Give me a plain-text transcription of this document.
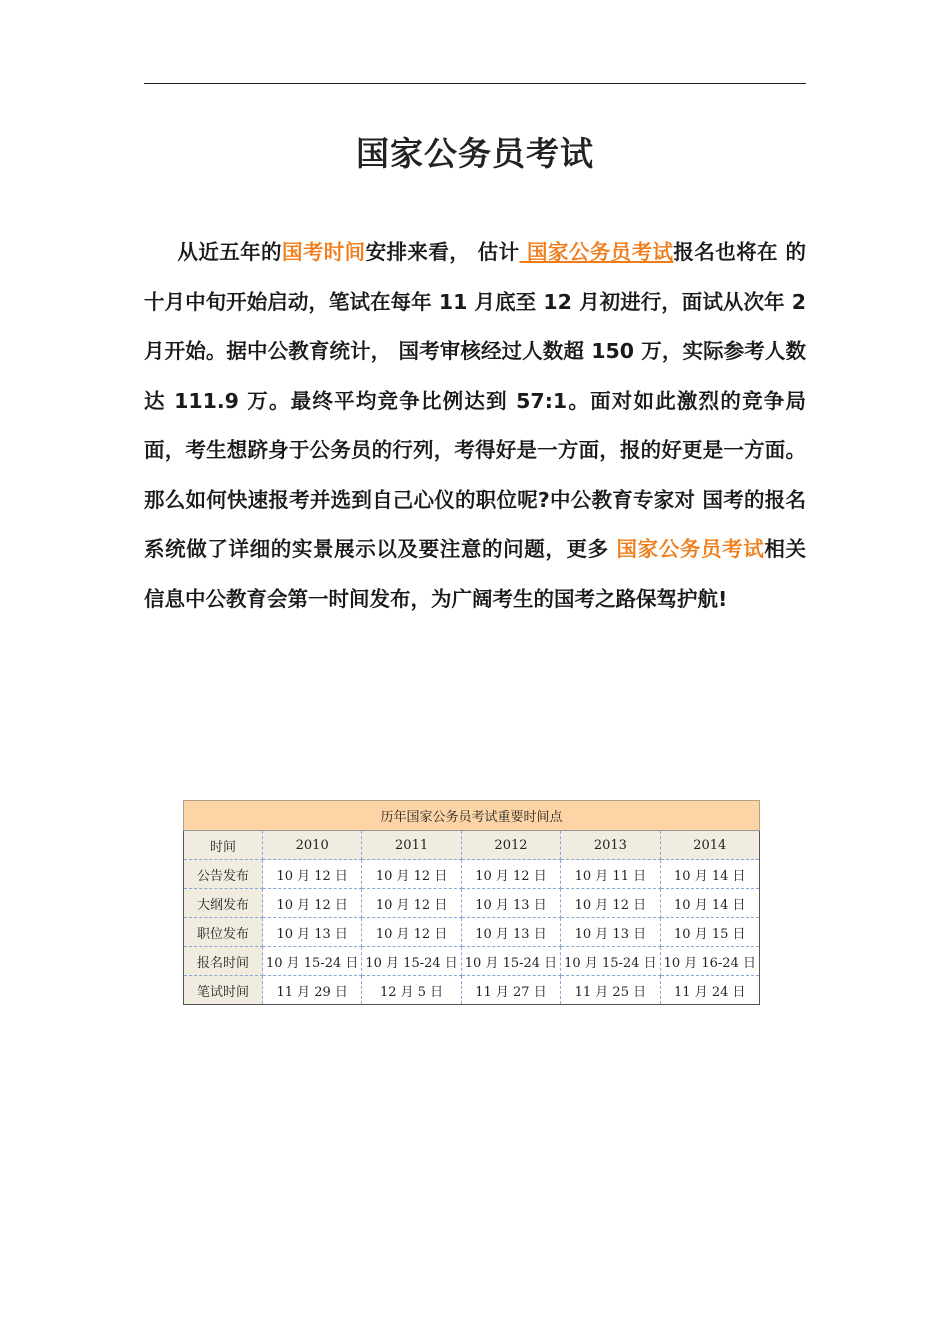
国家公务员考试
从近五年的国考时间安排来看， 估计 国家公务员考试报名也将在 的十月中旬开始启动，笔试在每年 11 月底至 12 月初进行，面试从次年 2 月开始。据中公教育统计， 国考审核经过人数超 150 万，实际参考人数达 111.9 万。最终平均竞争比例达到 57:1。面对如此激烈的竞争局面，考生想跻身于公务员的行列，考得好是一方面，报的好更是一方面。那么如何快速报考并选到自己心仪的职位呢?中公教育专家对 国考的报名系统做了详细的实景展示以及要注意的问题，更多 国家公务员考试相关信息中公教育会第一时间发布，为广阔考生的国考之路保驾护航!
历年国家公务员考试重要时间点					
时间	2010	2011	2012	2013	2014
公告发布	10 月 12 日	10 月 12 日	10 月 12 日	10 月 11 日	10 月 14 日
大纲发布	10 月 12 日	10 月 12 日	10 月 13 日	10 月 12 日	10 月 14 日
职位发布	10 月 13 日	10 月 12 日	10 月 13 日	10 月 13 日	10 月 15 日
报名时间	10 月 15-24 日	10 月 15-24 日	10 月 15-24 日	10 月 15-24 日	10 月 16-24 日
笔试时间	11 月 29 日	12 月 5 日	11 月 27 日	11 月 25 日	11 月 24 日
